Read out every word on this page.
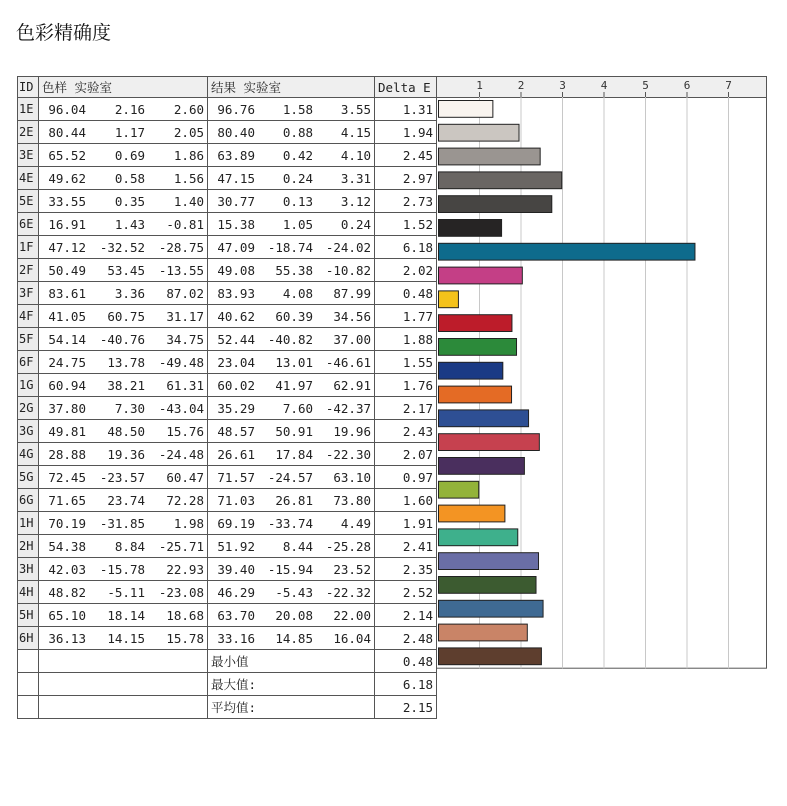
色彩精确度
ID	色样 实验室	结果 实验室	Delta E
1E	96.04 2.16 2.60	96.76 1.58 3.55	1.31
2E	80.44 1.17 2.05	80.40 0.88 4.15	1.94
3E	65.52 0.69 1.86	63.89 0.42 4.10	2.45
4E	49.62 0.58 1.56	47.15 0.24 3.31	2.97
5E	33.55 0.35 1.40	30.77 0.13 3.12	2.73
6E	16.91 1.43 -0.81	15.38 1.05 0.24	1.52
1F	47.12 -32.52 -28.75	47.09 -18.74 -24.02	6.18
2F	50.49 53.45 -13.55	49.08 55.38 -10.82	2.02
3F	83.61 3.36 87.02	83.93 4.08 87.99	0.48
4F	41.05 60.75 31.17	40.62 60.39 34.56	1.77
5F	54.14 -40.76 34.75	52.44 -40.82 37.00	1.88
6F	24.75 13.78 -49.48	23.04 13.01 -46.61	1.55
1G	60.94 38.21 61.31	60.02 41.97 62.91	1.76
2G	37.80 7.30 -43.04	35.29 7.60 -42.37	2.17
3G	49.81 48.50 15.76	48.57 50.91 19.96	2.43
4G	28.88 19.36 -24.48	26.61 17.84 -22.30	2.07
5G	72.45 -23.57 60.47	71.57 -24.57 63.10	0.97
6G	71.65 23.74 72.28	71.03 26.81 73.80	1.60
1H	70.19 -31.85 1.98	69.19 -33.74 4.49	1.91
2H	54.38 8.84 -25.71	51.92 8.44 -25.28	2.41
3H	42.03 -15.78 22.93	39.40 -15.94 23.52	2.35
4H	48.82 -5.11 -23.08	46.29 -5.43 -22.32	2.52
5H	65.10 18.14 18.68	63.70 20.08 22.00	2.14
6H	36.13 14.15 15.78	33.16 14.85 16.04	2.48
		最小值	0.48
		最大值:	6.18
		平均值:	2.15
1	2	3	4	5	6	7
